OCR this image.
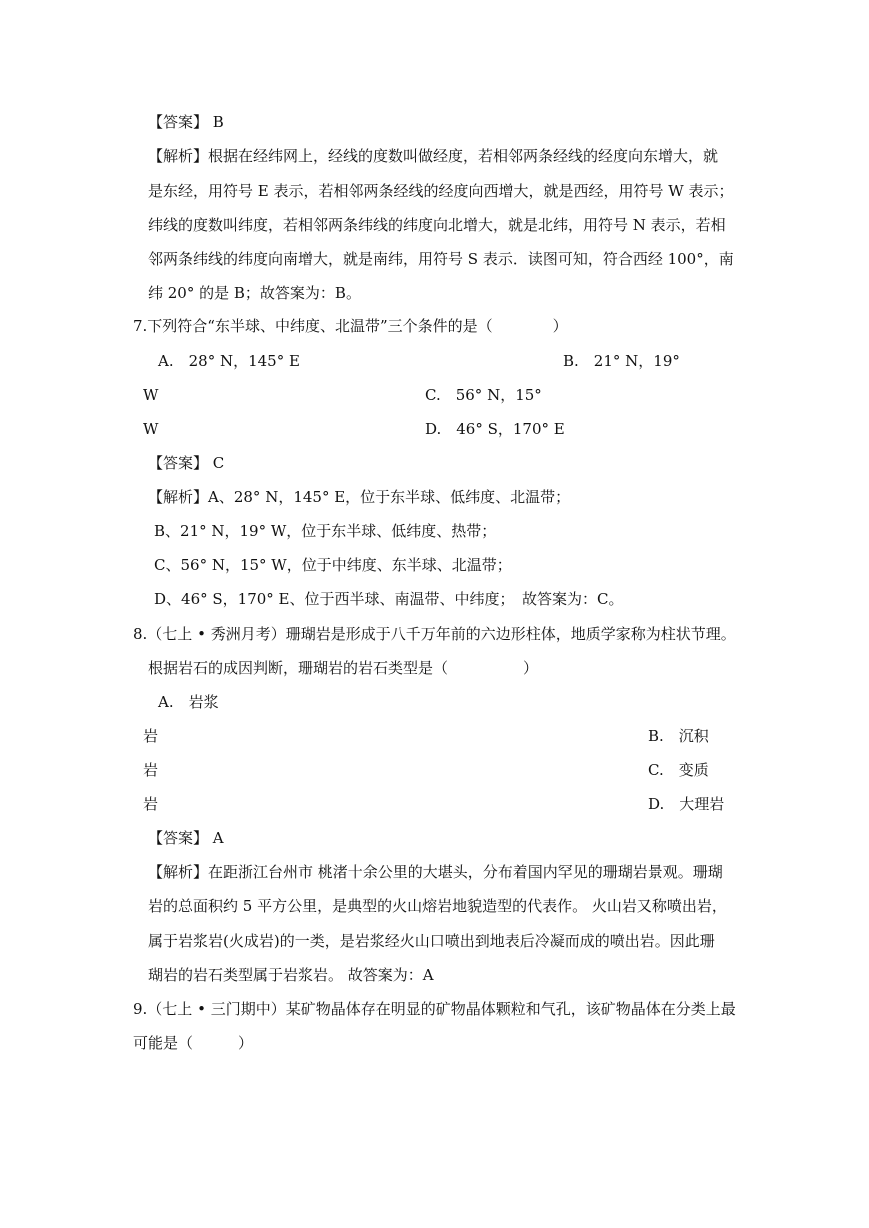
【答案】 B
【解析】根据在经纬网上，经线的度数叫做经度，若相邻两条经线的经度向东增大，就
是东经，用符号 E 表示，若相邻两条经线的经度向西增大，就是西经，用符号 W 表示；
纬线的度数叫纬度，若相邻两条纬线的纬度向北增大，就是北纬，用符号 N 表示，若相
邻两条纬线的纬度向南增大，就是南纬，用符号 S 表示．读图可知，符合西经 100°，南
纬 20° 的是 B；故答案为：B。
7.下列符合“东半球、中纬度、北温带”三个条件的是（　　　　）
A.　28° N，145° E	B.　21° N，19°
W	C.　56° N，15°
W	D.　46° S，170° E
【答案】 C
【解析】A、28° N，145° E，位于东半球、低纬度、北温带；
B、21° N，19° W，位于东半球、低纬度、热带；
C、56° N，15° W，位于中纬度、东半球、北温带；
D、46° S，170° E、位于西半球、南温带、中纬度；　故答案为：C。
8.（七上 • 秀洲月考）珊瑚岩是形成于八千万年前的六边形柱体，地质学家称为柱状节理。
根据岩石的成因判断，珊瑚岩的岩石类型是（　　　　　）
A.　岩浆
岩	B.　沉积
岩	C.　变质
岩	D.　大理岩
【答案】 A
【解析】在距浙江台州市 桃渚十余公里的大堪头，分布着国内罕见的珊瑚岩景观。珊瑚
岩的总面积约 5 平方公里，是典型的火山熔岩地貌造型的代表作。 火山岩又称喷出岩，
属于岩浆岩(火成岩)的一类，是岩浆经火山口喷出到地表后冷凝而成的喷出岩。因此珊
瑚岩的岩石类型属于岩浆岩。 故答案为：A
9.（七上 • 三门期中）某矿物晶体存在明显的矿物晶体颗粒和气孔，该矿物晶体在分类上最
可能是（　　　）
